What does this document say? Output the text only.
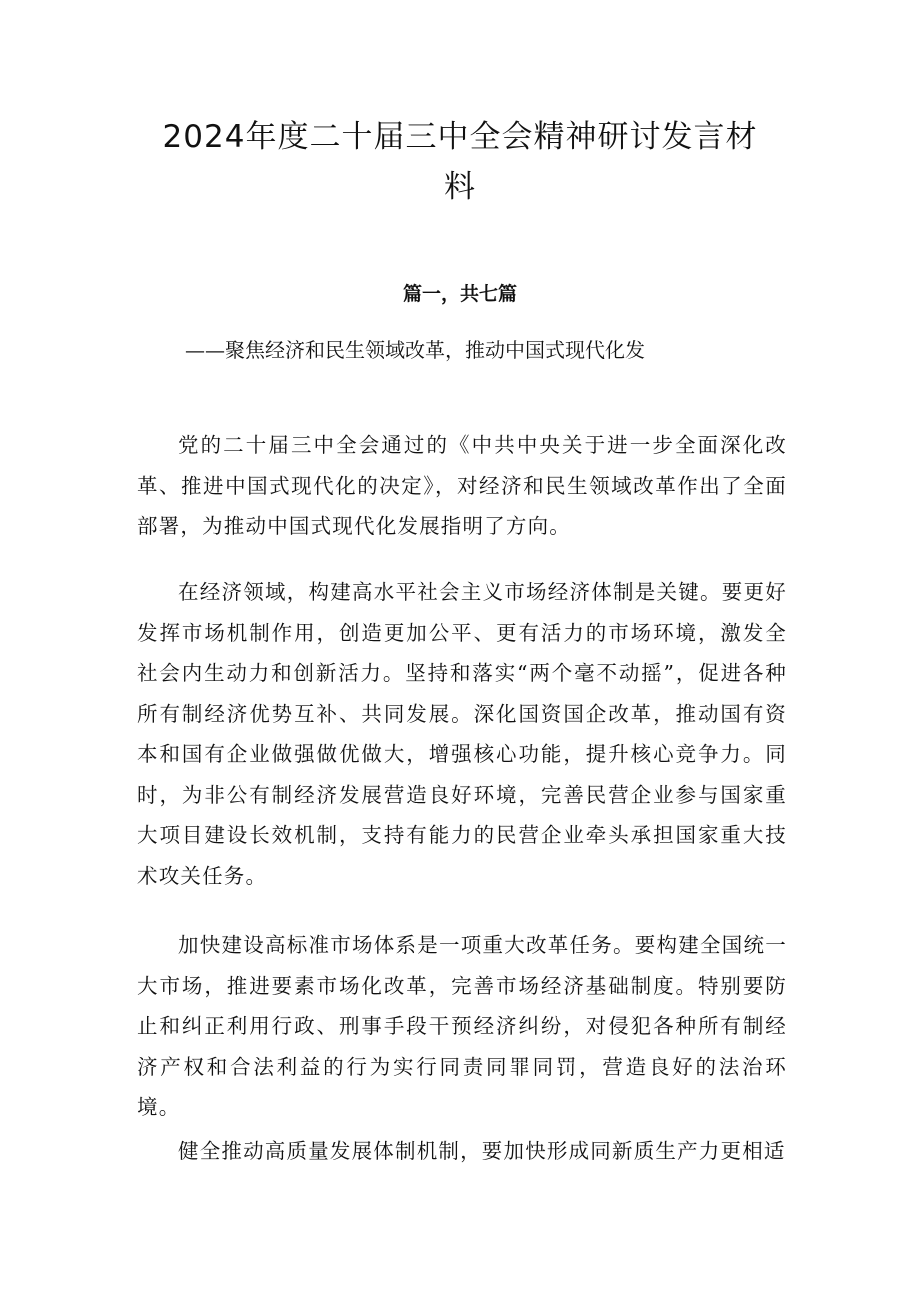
2024年度二十届三中全会精神研讨发言材料
篇一，共七篇

——聚焦经济和民生领域改革，推动中国式现代化发

党的二十届三中全会通过的《中共中央关于进一步全面深化改革、推进中国式现代化的决定》，对经济和民生领域改革作出了全面部署，为推动中国式现代化发展指明了方向。

在经济领域，构建高水平社会主义市场经济体制是关键。要更好发挥市场机制作用，创造更加公平、更有活力的市场环境，激发全社会内生动力和创新活力。坚持和落实“两个毫不动摇”，促进各种所有制经济优势互补、共同发展。深化国资国企改革，推动国有资本和国有企业做强做优做大，增强核心功能，提升核心竞争力。同时，为非公有制经济发展营造良好环境，完善民营企业参与国家重大项目建设长效机制，支持有能力的民营企业牵头承担国家重大技术攻关任务。

加快建设高标准市场体系是一项重大改革任务。要构建全国统一大市场，推进要素市场化改革，完善市场经济基础制度。特别要防止和纠正利用行政、刑事手段干预经济纠纷，对侵犯各种所有制经济产权和合法利益的行为实行同责同罪同罚，营造良好的法治环境。

健全推动高质量发展体制机制，要加快形成同新质生产力更相适
